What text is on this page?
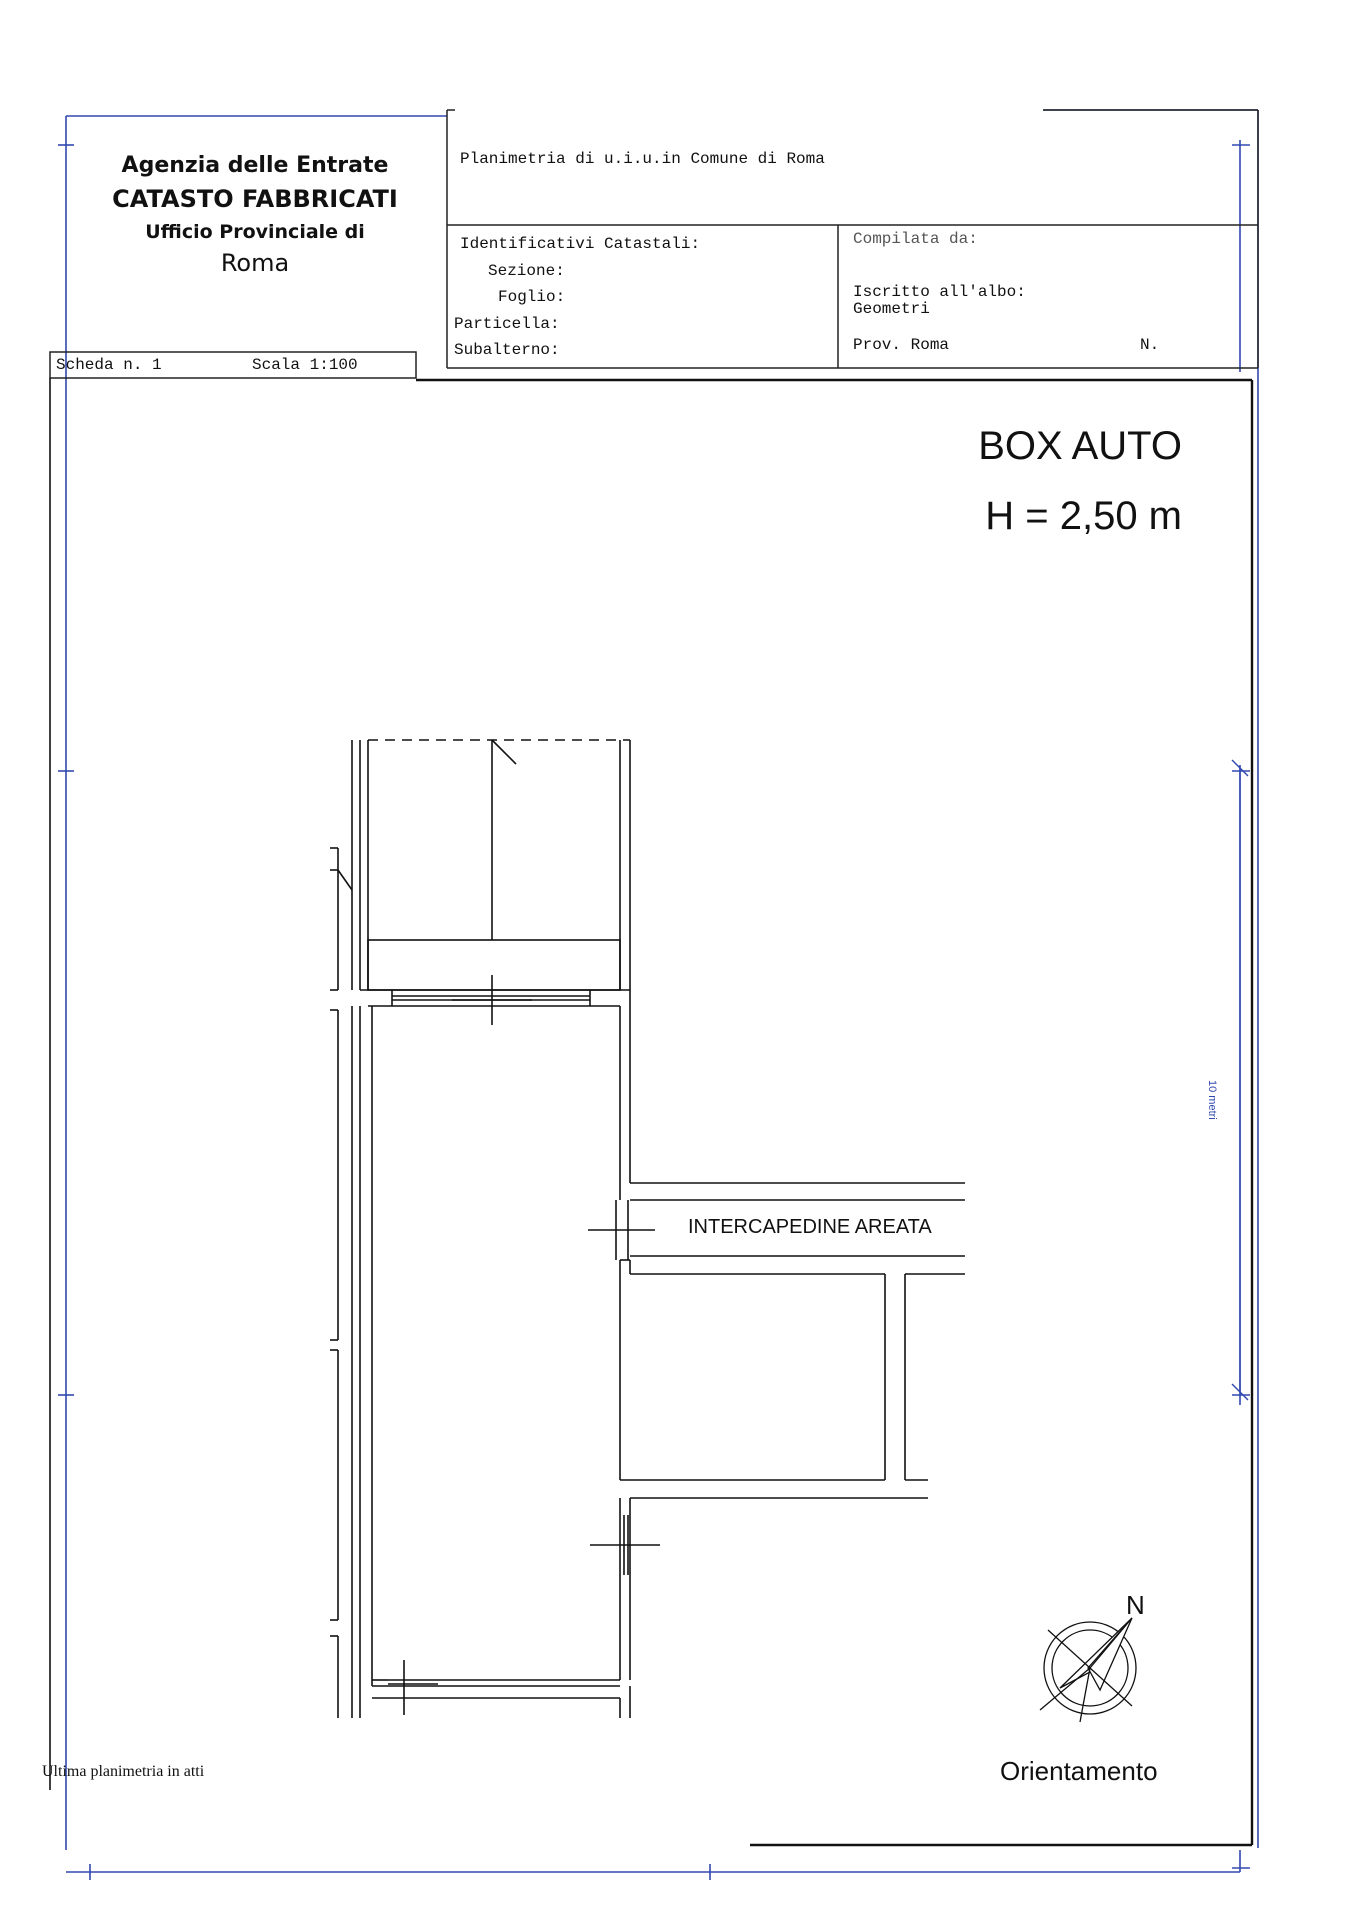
Agenzia delle Entrate
CATASTO FABBRICATI
Ufficio Provinciale di
Roma
Planimetria di u.i.u.in Comune di Roma
Identificativi Catastali:
Sezione:
Foglio:
Particella:
Subalterno:
Compilata da:
Iscritto all'albo:
Geometri
Prov. Roma	N.
Scheda n. 1	Scala 1:100
BOX AUTO
H = 2,50 m
INTERCAPEDINE AREATA
10 metri
N
Orientamento
Ultima planimetria in atti
